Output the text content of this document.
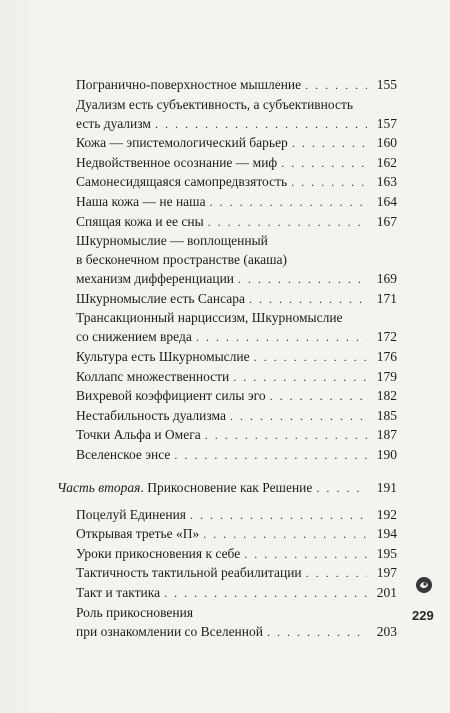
Погранично-поверхностное мышление . . .	155
Дуализм есть субъективность, а субъективность
есть дуализм . . .	157
Кожа — эпистемологический барьер . . .	160
Недвойственное осознание — миф . . .	162
Самонесидящаяся самопредвзятость . . .	163
Наша кожа — не наша . . .	164
Спящая кожа и ее сны . . .	167
Шкурномыслие — воплощенный
в бесконечном пространстве (акаша)
механизм дифференциации . . .	169
Шкурномыслие есть Сансара . . .	171
Трансакционный нарциссизм, Шкурномыслие
со снижением вреда . . .	172
Культура есть Шкурномыслие . . .	176
Коллапс множественности . . .	179
Вихревой коэффициент силы эго . . .	182
Нестабильность дуализма . . .	185
Точки Альфа и Омега . . .	187
Вселенское энсе . . .	190
Часть вторая. Прикосновение как Решение . . .	191
Поцелуй Единения . . .	192
Открывая третье «П» . . .	194
Уроки прикосновения к себе . . .	195
Тактичность тактильной реабилитации . . .	197
Такт и тактика . . .	201
Роль прикосновения
при ознакомлении со Вселенной . . .	203
229
